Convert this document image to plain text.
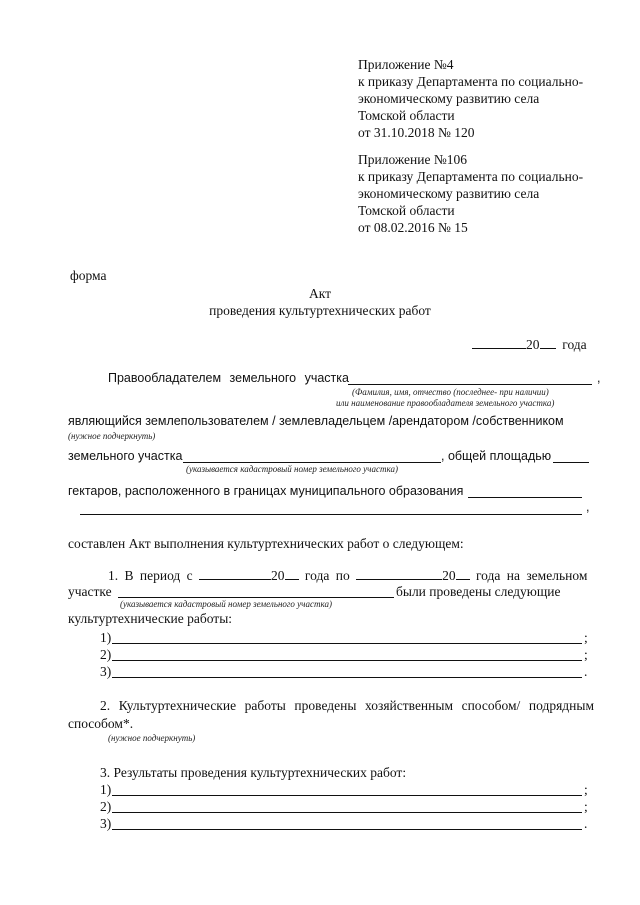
Приложение №4
к приказу Департамента по социально-
экономическому развитию села
Томской области
от 31.10.2018 № 120
Приложение №106
к приказу Департамента по социально-
экономическому развитию села
Томской области
от 08.02.2016 № 15
форма
Акт
проведения культуртехнических работ
20 года
Правообладателем земельного участка	,
(Фамилия, имя, отчество (последнее- при наличии)
или наименование правообладателя земельного участка)
являющийся землепользователем / землевладельцем /арендатором /собственником
(нужное подчеркнуть)
земельного участка
(указывается кадастровый номер земельного участка)
, общей площадью
гектаров, расположенного в границах муниципального образования
,
составлен Акт выполнения культуртехнических работ о следующем:
1. В период с	20 года по	20 года на земельном
участке	были проведены следующие
(указывается кадастровый номер земельного участка)
культуртехнические работы:
1)	;
2)	;
3)	.
2. Культуртехнические работы проведены хозяйственным способом/ подрядным
способом*.
(нужное подчеркнуть)
3. Результаты проведения культуртехнических работ:
1)	;
2)	;
3)	.
